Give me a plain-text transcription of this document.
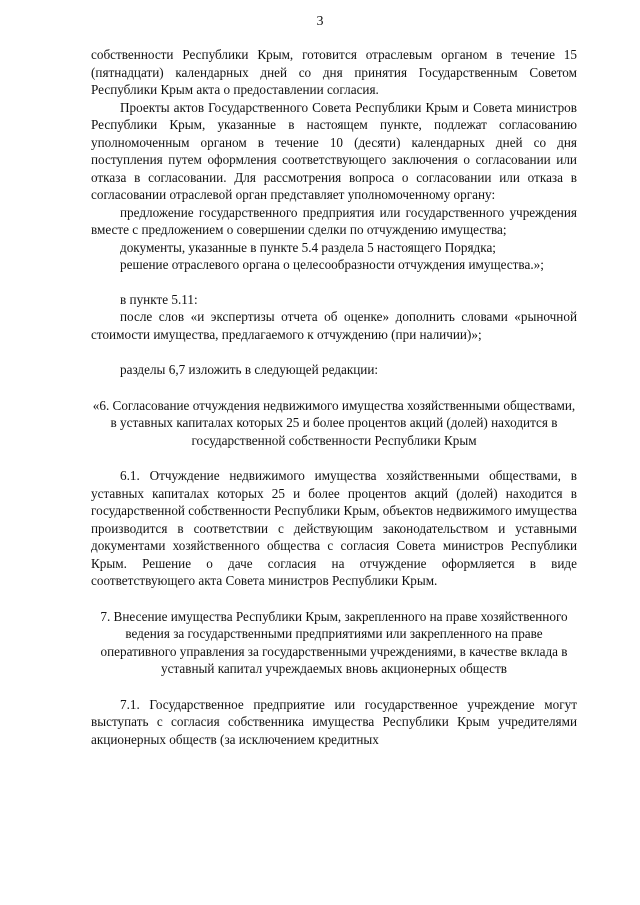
3

собственности Республики Крым, готовится отраслевым органом в течение 15 (пятнадцати) календарных дней со дня принятия Государственным Советом Республики Крым акта о предоставлении согласия.

Проекты актов Государственного Совета Республики Крым и Совета министров Республики Крым, указанные в настоящем пункте, подлежат согласованию уполномоченным органом в течение 10 (десяти) календарных дней со дня поступления путем оформления соответствующего заключения о согласовании или отказа в согласовании. Для рассмотрения вопроса о согласовании или отказа в согласовании отраслевой орган представляет уполномоченному органу:

предложение государственного предприятия или государственного учреждения вместе с предложением о совершении сделки по отчуждению имущества;

документы, указанные в пункте 5.4 раздела 5 настоящего Порядка;

решение отраслевого органа о целесообразности отчуждения имущества.»;

в пункте 5.11:

после слов «и экспертизы отчета об оценке» дополнить словами «рыночной стоимости имущества, предлагаемого к отчуждению (при наличии)»;

разделы 6,7 изложить в следующей редакции:

«6. Согласование отчуждения недвижимого имущества хозяйственными обществами, в уставных капиталах которых 25 и более процентов акций (долей) находится в государственной собственности Республики Крым

6.1. Отчуждение недвижимого имущества хозяйственными обществами, в уставных капиталах которых 25 и более процентов акций (долей) находится в государственной собственности Республики Крым, объектов недвижимого имущества производится в соответствии с действующим законодательством и уставными документами хозяйственного общества с согласия Совета министров Республики Крым. Решение о даче согласия на отчуждение оформляется в виде соответствующего акта Совета министров Республики Крым.

7. Внесение имущества Республики Крым, закрепленного на праве хозяйственного ведения за государственными предприятиями или закрепленного на праве оперативного управления за государственными учреждениями, в качестве вклада в уставный капитал учреждаемых вновь акционерных обществ

7.1. Государственное предприятие или государственное учреждение могут выступать с согласия собственника имущества Республики Крым учредителями акционерных обществ (за исключением кредитных
